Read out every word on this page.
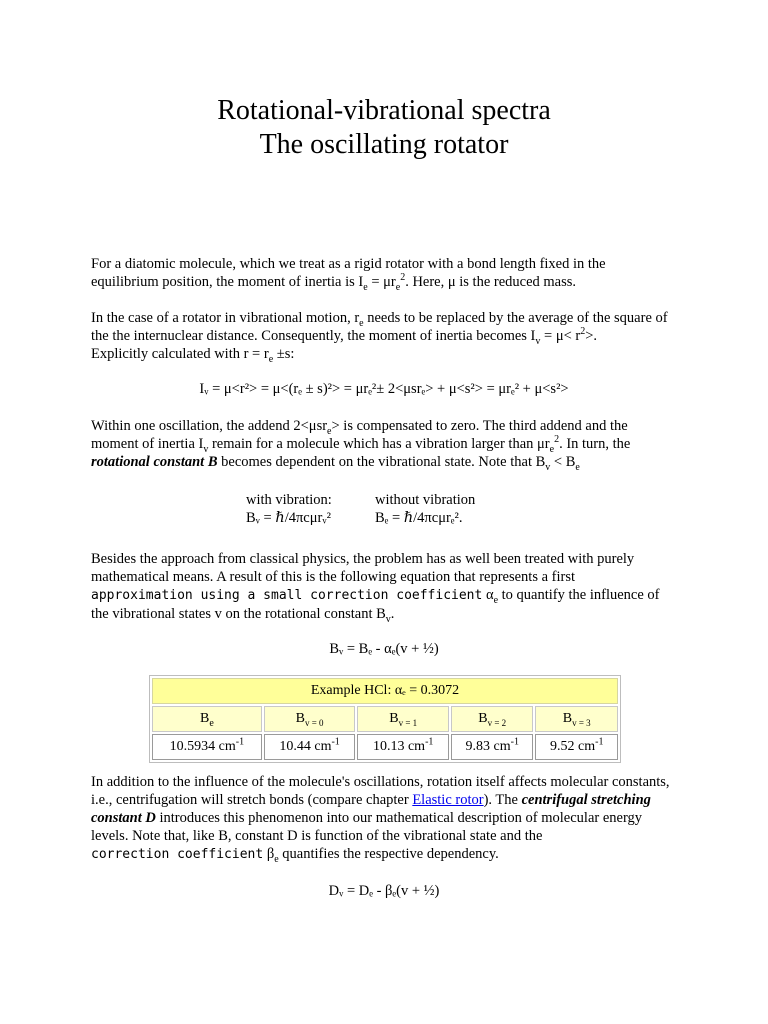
Rotational-vibrational spectra
The oscillating rotator

For a diatomic molecule, which we treat as a rigid rotator with a bond length fixed in the equilibrium position, the moment of inertia is $I_e = \mu r_e^2$. Here, μ is the reduced mass.

In the case of a rotator in vibrational motion, $r_e$ needs to be replaced by the average of the square of the the internuclear distance. Consequently, the moment of inertia becomes $I_v = \mu< r^2>$.
Explicitly calculated with $r = r_e \pm s$:

Iᵥ = μ<r²> = μ<(rₑ ± s)²> = μrₑ²± 2<μsrₑ> + μ<s²> = μrₑ² + μ<s²>

Within one oscillation, the addend 2<μsr$_e$> is compensated to zero. The third addend and the moment of inertia $I_v$ remain for a molecule which has a vibration larger than $\mu r_e^2$. In turn, the rotational constant B becomes dependent on the vibrational state. Note that $B_v < B_e$

with vibration:
Bᵥ = ℏ/4πcμrᵥ²
without vibration
Bₑ = ℏ/4πcμrₑ².

Besides the approach from classical physics, the problem has as well been treated with purely mathematical means. A result of this is the following equation that represents a first
approximation using a small correction coefficient $\alpha_e$ to quantify the influence of the vibrational states v on the rotational constant $B_v$.

Bᵥ = Bₑ - αₑ(v + ½)
Example HCl: αₑ = 0.3072				
$B_e$	$B_{v = 0}$	$B_{v = 1}$	$B_{v = 2}$	$B_{v = 3}$
10.5934 $cm^{-1}$	10.44 $cm^{-1}$	10.13 $cm^{-1}$	9.83 $cm^{-1}$	9.52 $cm^{-1}$

In addition to the influence of the molecule's oscillations, rotation itself affects molecular constants, i.e., centrifugation will stretch bonds (compare chapter Elastic rotor). The centrifugal stretching constant D introduces this phenomenon into our mathematical description of molecular energy levels. Note that, like B, constant D is function of the vibrational state and the
correction coefficient $\beta_e$ quantifies the respective dependency.

Dᵥ = Dₑ - βₑ(v + ½)
